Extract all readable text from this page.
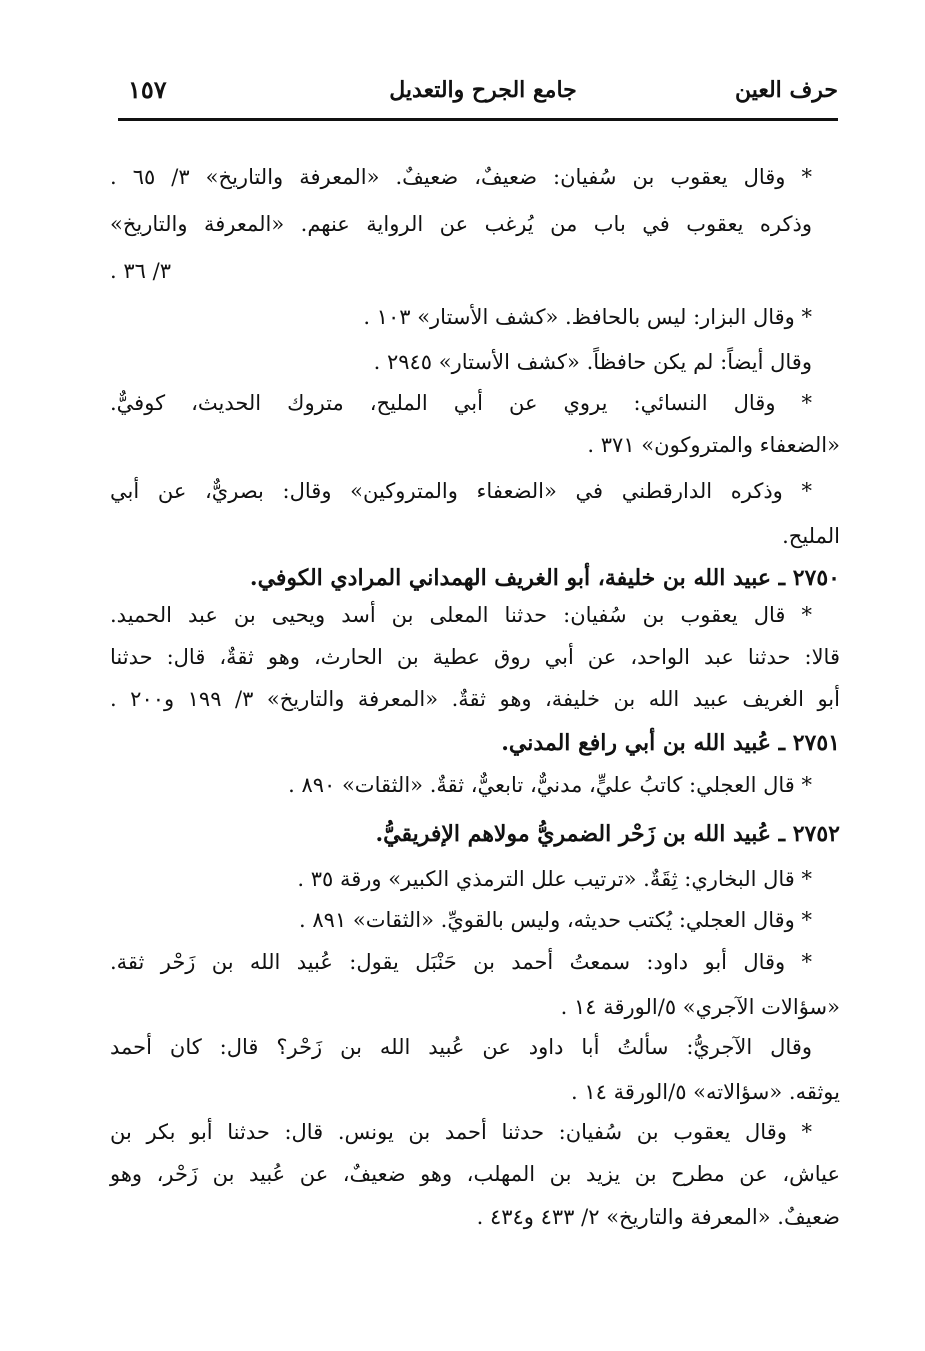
١٥٧	جامع الجرح والتعديل	حرف العين
* وقال يعقوب بن سُفيان: ضعيفٌ، ضعيفٌ. «المعرفة والتاريخ» ٣/ ٦٥ .
وذكره يعقوب في باب من يُرغب عن الرواية عنهم. «المعرفة والتاريخ»
٣/ ٣٦ .
* وقال البزار: ليس بالحافظ. «كشف الأستار» ١٠٣ .
وقال أيضاً: لم يكن حافظاً. «كشف الأستار» ٢٩٤٥ .
* وقال النسائي: يروي عن أبي المليح، متروك الحديث، كوفيٌّ.
«الضعفاء والمتروكون» ٣٧١ .
* وذكره الدارقطني في «الضعفاء والمتروكين» وقال: بصريٌّ، عن أبي
المليح.
٢٧٥٠ ـ عبيد الله بن خليفة، أبو الغريف الهمداني المرادي الكوفي.
* قال يعقوب بن سُفيان: حدثنا المعلى بن أسد ويحيى بن عبد الحميد.
قالا: حدثنا عبد الواحد، عن أبي روق عطية بن الحارث، وهو ثقةٌ، قال: حدثنا
أبو الغريف عبيد الله بن خليفة، وهو ثقةٌ. «المعرفة والتاريخ» ٣/ ١٩٩ و٢٠٠ .
٢٧٥١ ـ عُبيد الله بن أبي رافع المدني.
* قال العجلي: كاتبُ عليٍّ، مدنيٌّ، تابعيٌّ، ثقةٌ. «الثقات» ٨٩٠ .
٢٧٥٢ ـ عُبيد الله بن زَحْر الضمريُّ مولاهم الإفريقيُّ.
* قال البخاري: ثِقَةٌ. «ترتيب علل الترمذي الكبير» ورقة ٣٥ .
* وقال العجلي: يُكتب حديثه، وليس بالقويِّ. «الثقات» ٨٩١ .
* وقال أبو داود: سمعتُ أحمد بن حَنْبَل يقول: عُبيد الله بن زَحْر ثقة.
«سؤالات الآجري» ٥/الورقة ١٤ .
وقال الآجريُّ: سألتُ أبا داود عن عُبيد الله بن زَحْر؟ قال: كان أحمد
يوثقه. «سؤالاته» ٥/الورقة ١٤ .
* وقال يعقوب بن سُفيان: حدثنا أحمد بن يونس. قال: حدثنا أبو بكر بن
عياش، عن مطرح بن يزيد بن المهلب، وهو ضعيفٌ، عن عُبيد بن زَحْر، وهو
ضعيفٌ. «المعرفة والتاريخ» ٢/ ٤٣٣ و٤٣٤ .
